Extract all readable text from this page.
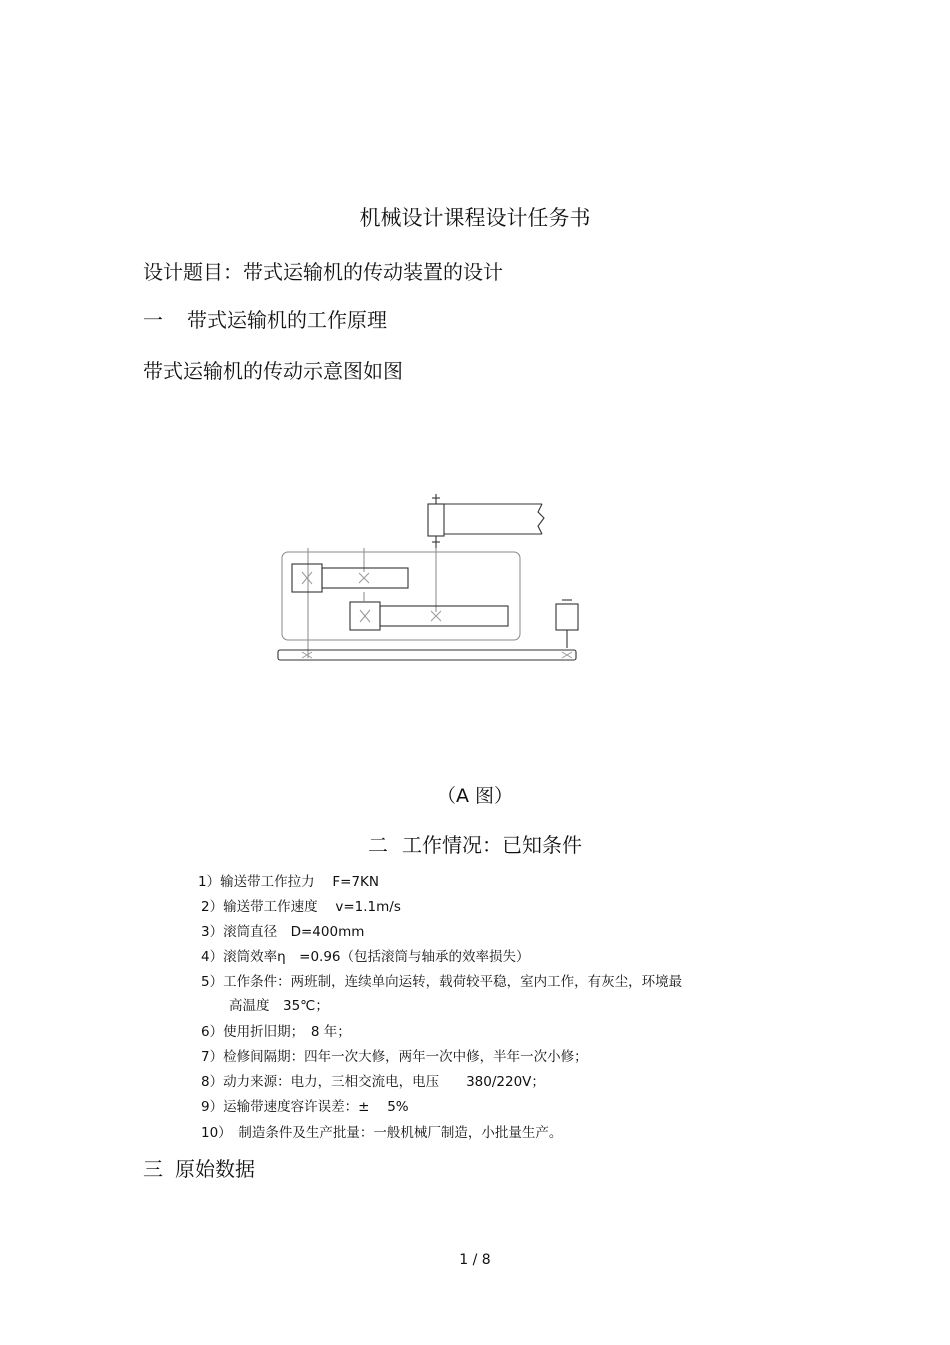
机械设计课程设计任务书
设计题目：带式运输机的传动装置的设计
一 带式运输机的工作原理
带式运输机的传动示意图如图
（A 图）
二 工作情况：已知条件
1）输送带工作拉力　 F=7KN
2）输送带工作速度　 v=1.1m/s
3）滚筒直径　D=400mm
4）滚筒效率η　=0.96（包括滚筒与轴承的效率损失）
5）工作条件：两班制，连续单向运转，载荷较平稳，室内工作，有灰尘，环境最
高温度　35℃；
6）使用折旧期；　8 年；
7）检修间隔期：四年一次大修，两年一次中修，半年一次小修；
8）动力来源：电力，三相交流电，电压　　380/220V；
9）运输带速度容许误差：±　 5%
10）　制造条件及生产批量：一般机械厂制造，小批量生产。
三 原始数据
1 / 8
